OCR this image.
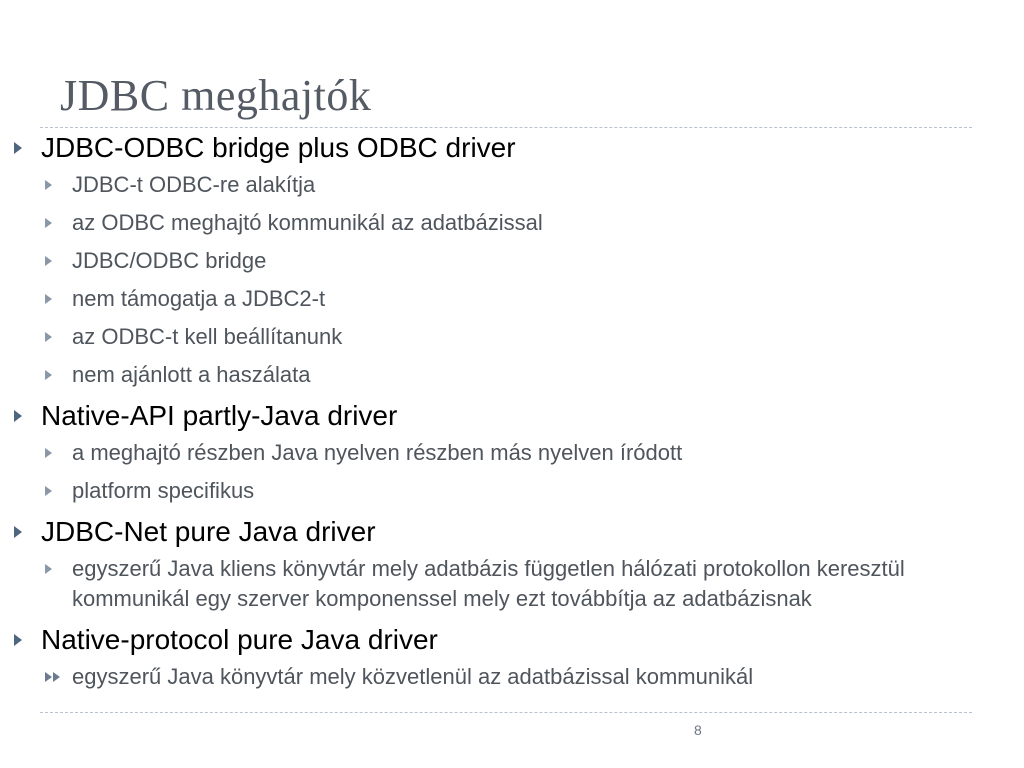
JDBC meghajtók
JDBC-ODBC bridge plus ODBC driver
JDBC-t ODBC-re alakítja
az ODBC meghajtó kommunikál az adatbázissal
JDBC/ODBC bridge
nem támogatja a JDBC2-t
az ODBC-t kell beállítanunk
nem ajánlott a haszálata
Native-API partly-Java driver
a meghajtó részben Java nyelven részben más nyelven íródott
platform specifikus
JDBC-Net pure Java driver
egyszerű Java kliens könyvtár mely adatbázis független hálózati protokollon keresztül kommunikál egy szerver komponenssel mely ezt továbbítja az adatbázisnak
Native-protocol pure Java driver
egyszerű Java könyvtár mely közvetlenül az adatbázissal kommunikál
8
